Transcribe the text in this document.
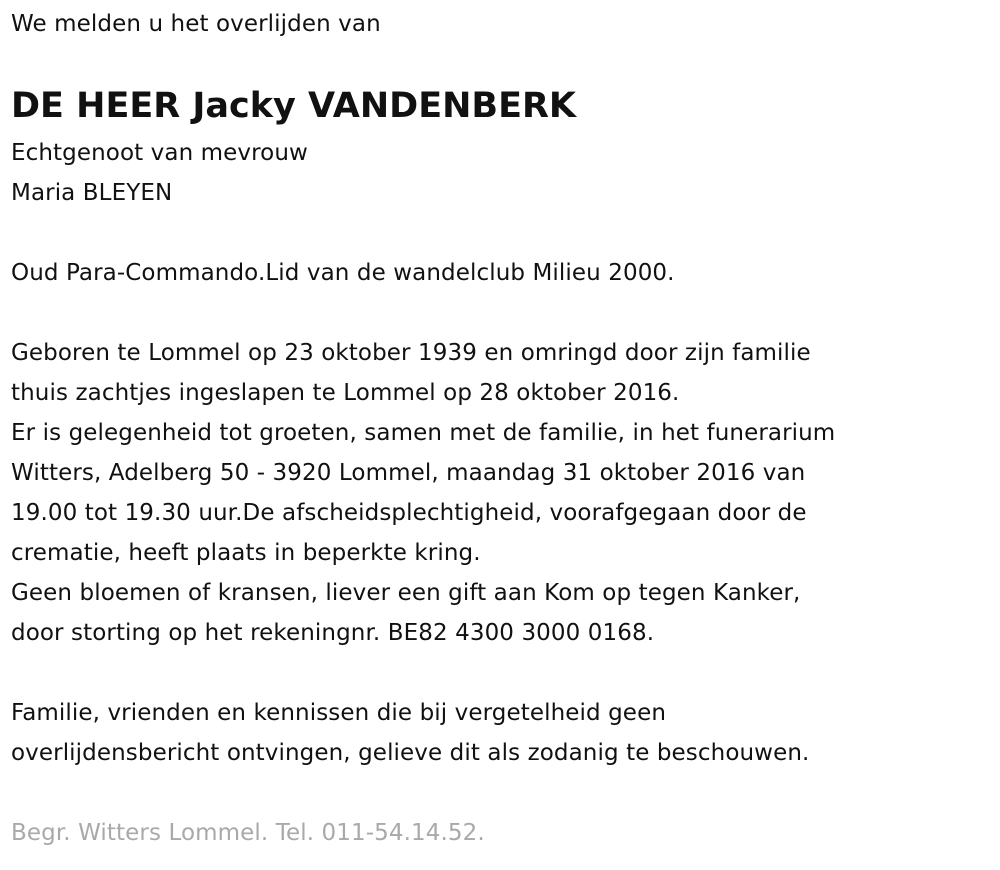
We melden u het overlijden van
DE HEER Jacky VANDENBERK
Echtgenoot van mevrouw
Maria BLEYEN
Oud Para-Commando.Lid van de wandelclub Milieu 2000.
Geboren te Lommel op 23 oktober 1939 en omringd door zijn familie
thuis zachtjes ingeslapen te Lommel op 28 oktober 2016.
Er is gelegenheid tot groeten, samen met de familie, in het funerarium
Witters, Adelberg 50 - 3920 Lommel, maandag 31 oktober 2016 van
19.00 tot 19.30 uur.De afscheidsplechtigheid, voorafgegaan door de
crematie, heeft plaats in beperkte kring.
Geen bloemen of kransen, liever een gift aan Kom op tegen Kanker,
door storting op het rekeningnr. BE82 4300 3000 0168.
Familie, vrienden en kennissen die bij vergetelheid geen
overlijdensbericht ontvingen, gelieve dit als zodanig te beschouwen.
Begr. Witters Lommel. Tel. 011-54.14.52.
